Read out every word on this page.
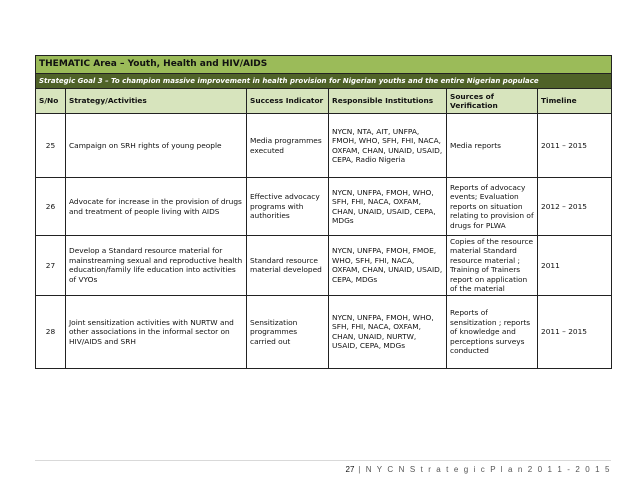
THEMATIC Area – Youth, Health and HIV/AIDS					
Strategic Goal 3 – To champion massive improvement in health provision for Nigerian youths and the entire Nigerian populace					
S/No	Strategy/Activities	Success Indicator	Responsible Institutions	Sources of Verification	Timeline
25	Campaign on SRH rights of young people	Media programmes executed	NYCN, NTA, AIT, UNFPA, FMOH, WHO, SFH, FHI, NACA, OXFAM, CHAN, UNAID, USAID, CEPA, Radio Nigeria	Media reports	2011 – 2015
26	Advocate for increase in the provision of drugs and treatment of people living with AIDS	Effective advocacy programs with authorities	NYCN, UNFPA, FMOH, WHO, SFH, FHI, NACA, OXFAM, CHAN, UNAID, USAID, CEPA, MDGs	Reports of advocacy events; Evaluation reports on situation relating to provision of drugs for PLWA	2012 – 2015
27	Develop a Standard resource material for mainstreaming sexual and reproductive health education/family life education into activities of VYOs	Standard resource material developed	NYCN, UNFPA, FMOH, FMOE, WHO, SFH, FHI, NACA, OXFAM, CHAN, UNAID, USAID, CEPA, MDGs	Copies of the resource material Standard resource material ; Training of Trainers report on application of the material	2011
28	Joint sensitization activities with NURTW and other associations in the informal sector on HIV/AIDS and SRH	Sensitization programmes carried out	NYCN, UNFPA, FMOH, WHO, SFH, FHI, NACA, OXFAM, CHAN, UNAID, NURTW, USAID, CEPA, MDGs	Reports of sensitization ; reports of knowledge and perceptions surveys conducted	2011 – 2015
27 | N Y C N S t r a t e g i c P l a n 2 0 1 1 - 2 0 1 5
